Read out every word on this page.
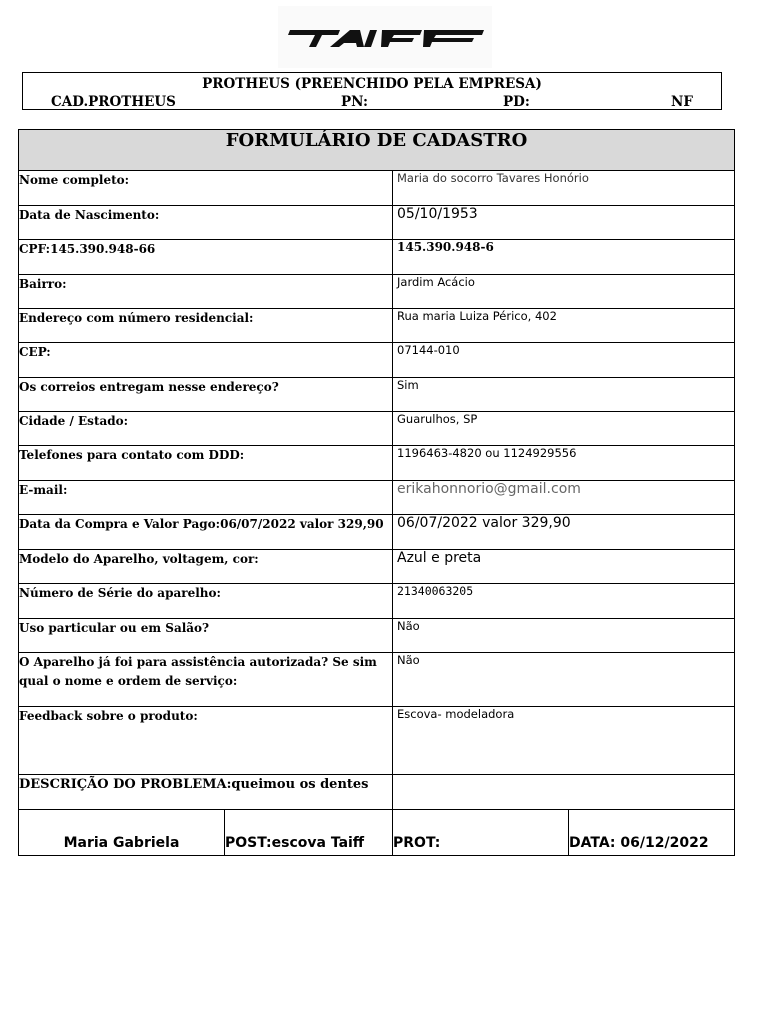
PROTHEUS (PREENCHIDO PELA EMPRESA)
CAD.PROTHEUS	PN:	PD:	NF
FORMULÁRIO DE CADASTRO			
Nome completo:		Maria do socorro Tavares Honório	

Data de Nascimento:		05/10/1953	

CPF:145.390.948-66		145.390.948-6	

Bairro:		Jardim Acácio	

Endereço com número residencial:		Rua maria Luiza Périco, 402	

CEP:		07144-010	

Os correios entregam nesse endereço?		Sim	

Cidade / Estado:		Guarulhos, SP	

Telefones para contato com DDD:		1196463-4820 ou 1124929556	

E-mail:		erikahonnorio@gmail.com	

Data da Compra e Valor Pago:06/07/2022 valor 329,90		06/07/2022 valor 329,90	

Modelo do Aparelho, voltagem, cor:		Azul e preta	

Número de Série do aparelho:		21340063205	

Uso particular ou em Salão?		Não	

O Aparelho já foi para assistência autorizada? Se sim qual o nome e ordem de serviço:		Não	

Feedback sobre o produto:		Escova- modeladora	

DESCRIÇÃO DO PROBLEMA:queimou os dentes			

Maria Gabriela	POST:escova Taiff	PROT:	DATA: 06/12/2022
